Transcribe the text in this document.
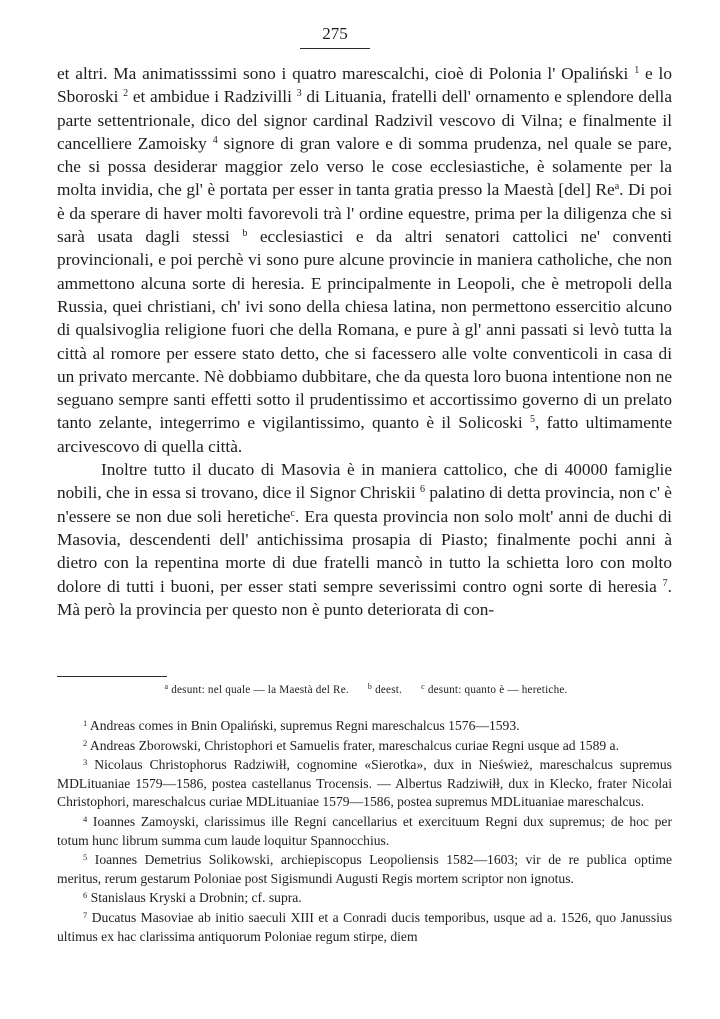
275

et altri. Ma animatisssimi sono i quatro marescalchi, cioè di Polonia l' Opaliński $^1$ e lo Sboroski $^2$ et ambidue i Radzivilli $^3$ di Lituania, fratelli dell' ornamento e splendore della parte settentrionale, dico del signor cardinal Radzivil vescovo di Vilna; e finalmente il cancelliere Zamoisky $^4$ signore di gran valore e di somma prudenza, nel quale se pare, che si possa desiderar maggior zelo verso le cose ecclesiastiche, è solamente per la molta invidia, che gl' è portata per esser in tanta gratia presso la Maestà [del] Re$^a$. Di poi è da sperare di haver molti favorevoli trà l' ordine equestre, prima per la diligenza che si sarà usata dagli stessi $^b$ ecclesiastici e da altri senatori cattolici ne' conventi provincionali, e poi perchè vi sono pure alcune provincie in maniera catholiche, che non ammettono alcuna sorte di heresia. E principalmente in Leopoli, che è metropoli della Russia, quei christiani, ch' ivi sono della chiesa latina, non permettono essercitio alcuno di qualsivoglia religione fuori che della Romana, e pure à gl' anni passati si levò tutta la città al romore per essere stato detto, che si facessero alle volte conventicoli in casa di un privato mercante. Nè dobbiamo dubbitare, che da questa loro buona intentione non ne seguano sempre santi effetti sotto il prudentissimo et accortissimo governo di un prelato tanto zelante, integerrimo e vigilantissimo, quanto è il Solicoski $^5$, fatto ultimamente arcivescovo di quella città.

Inoltre tutto il ducato di Masovia è in maniera cattolico, che di 40000 famiglie nobili, che in essa si trovano, dice il Signor Chriskii $^6$ palatino di detta provincia, non c' è n'essere se non due soli heretiche$^c$. Era questa provincia non solo molt' anni de duchi di Masovia, descendenti dell' antichissima prosapia di Piasto; finalmente pochi anni à dietro con la repentina morte di due fratelli mancò in tutto la schietta loro con molto dolore di tutti i buoni, per esser stati sempre severissimi contro ogni sorte di heresia $^7$. Mà però la provincia per questo non è punto deteriorata di con-

$^a$ desunt: nel quale — la Maestà del Re. $^b$ deest. $^c$ desunt: quanto è — heretiche.

$^1$ Andreas comes in Bnin Opaliński, supremus Regni mareschalcus 1576—1593.

$^2$ Andreas Zborowski, Christophori et Samuelis frater, mareschalcus curiae Regni usque ad 1589 a.

$^3$ Nicolaus Christophorus Radziwiłł, cognomine «Sierotka», dux in Nieśwież, mareschalcus supremus MDLituaniae 1579—1586, postea castellanus Trocensis. — Albertus Radziwiłł, dux in Klecko, frater Nicolai Christophori, mareschalcus curiae MDLituaniae 1579—1586, postea supremus MDLituaniae mareschalcus.

$^4$ Ioannes Zamoyski, clarissimus ille Regni cancellarius et exercituum Regni dux supremus; de hoc per totum hunc librum summa cum laude loquitur Spannocchius.

$^5$ Ioannes Demetrius Solikowski, archiepiscopus Leopoliensis 1582—1603; vir de re publica optime meritus, rerum gestarum Poloniae post Sigismundi Augusti Regis mortem scriptor non ignotus.

$^6$ Stanislaus Kryski a Drobnin; cf. supra.

$^7$ Ducatus Masoviae ab initio saeculi XIII et a Conradi ducis temporibus, usque ad a. 1526, quo Janussius ultimus ex hac clarissima antiquorum Poloniae regum stirpe, diem
